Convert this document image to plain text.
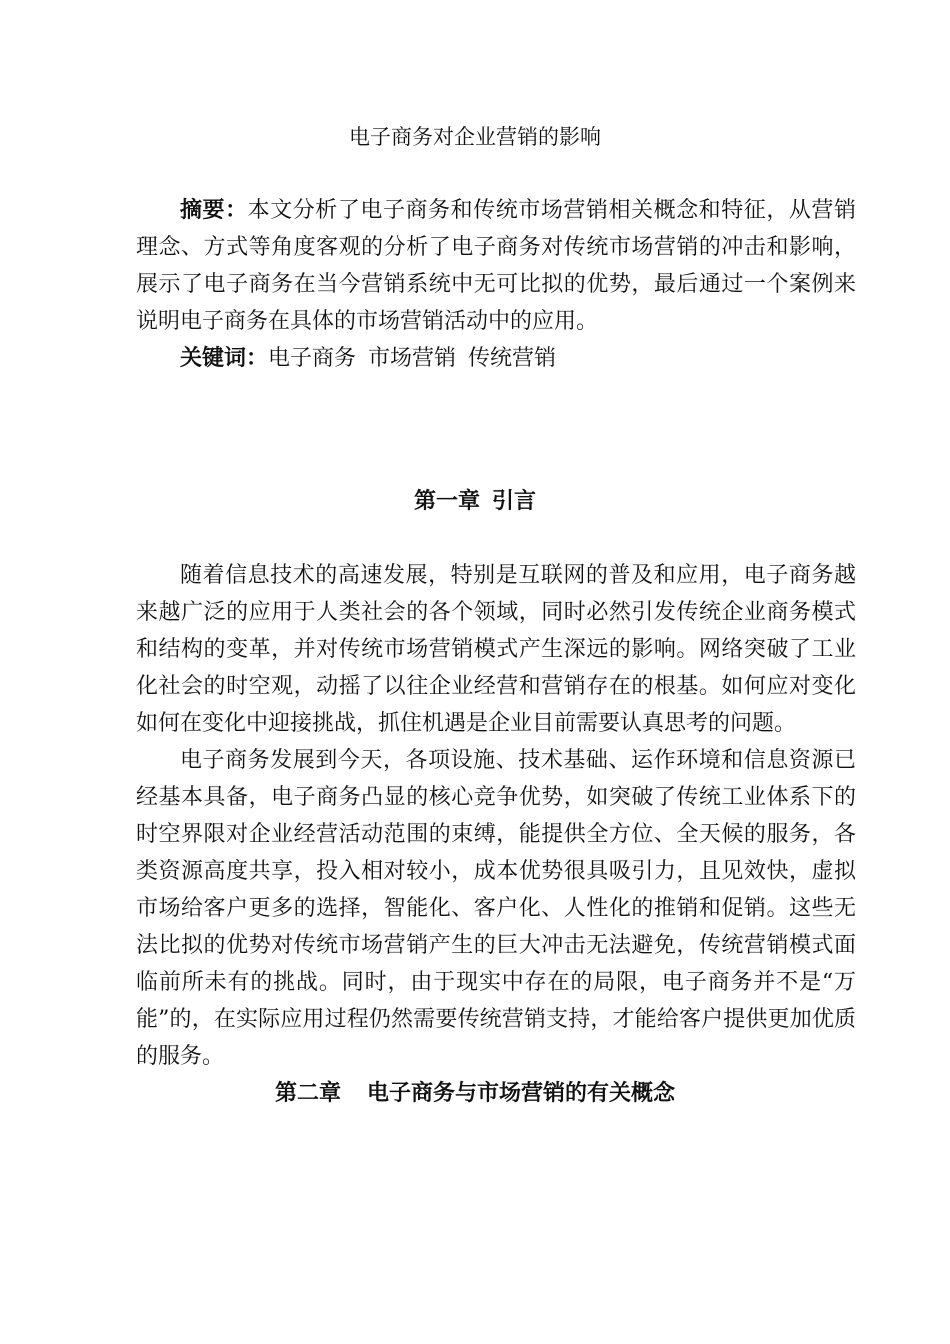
电子商务对企业营销的影响

摘要：本文分析了电子商务和传统市场营销相关概念和特征，从营销理念、方式等角度客观的分析了电子商务对传统市场营销的冲击和影响，展示了电子商务在当今营销系统中无可比拟的优势，最后通过一个案例来说明电子商务在具体的市场营销活动中的应用。

关键词：电子商务 市场营销 传统营销

第一章 引言

随着信息技术的高速发展，特别是互联网的普及和应用，电子商务越来越广泛的应用于人类社会的各个领域，同时必然引发传统企业商务模式和结构的变革，并对传统市场营销模式产生深远的影响。网络突破了工业化社会的时空观，动摇了以往企业经营和营销存在的根基。如何应对变化如何在变化中迎接挑战，抓住机遇是企业目前需要认真思考的问题。

电子商务发展到今天，各项设施、技术基础、运作环境和信息资源已经基本具备，电子商务凸显的核心竞争优势，如突破了传统工业体系下的时空界限对企业经营活动范围的束缚，能提供全方位、全天候的服务，各类资源高度共享，投入相对较小，成本优势很具吸引力，且见效快，虚拟市场给客户更多的选择，智能化、客户化、人性化的推销和促销。这些无法比拟的优势对传统市场营销产生的巨大冲击无法避免，传统营销模式面临前所未有的挑战。同时，由于现实中存在的局限，电子商务并不是“万能”的，在实际应用过程仍然需要传统营销支持，才能给客户提供更加优质的服务。

第二章 电子商务与市场营销的有关概念
